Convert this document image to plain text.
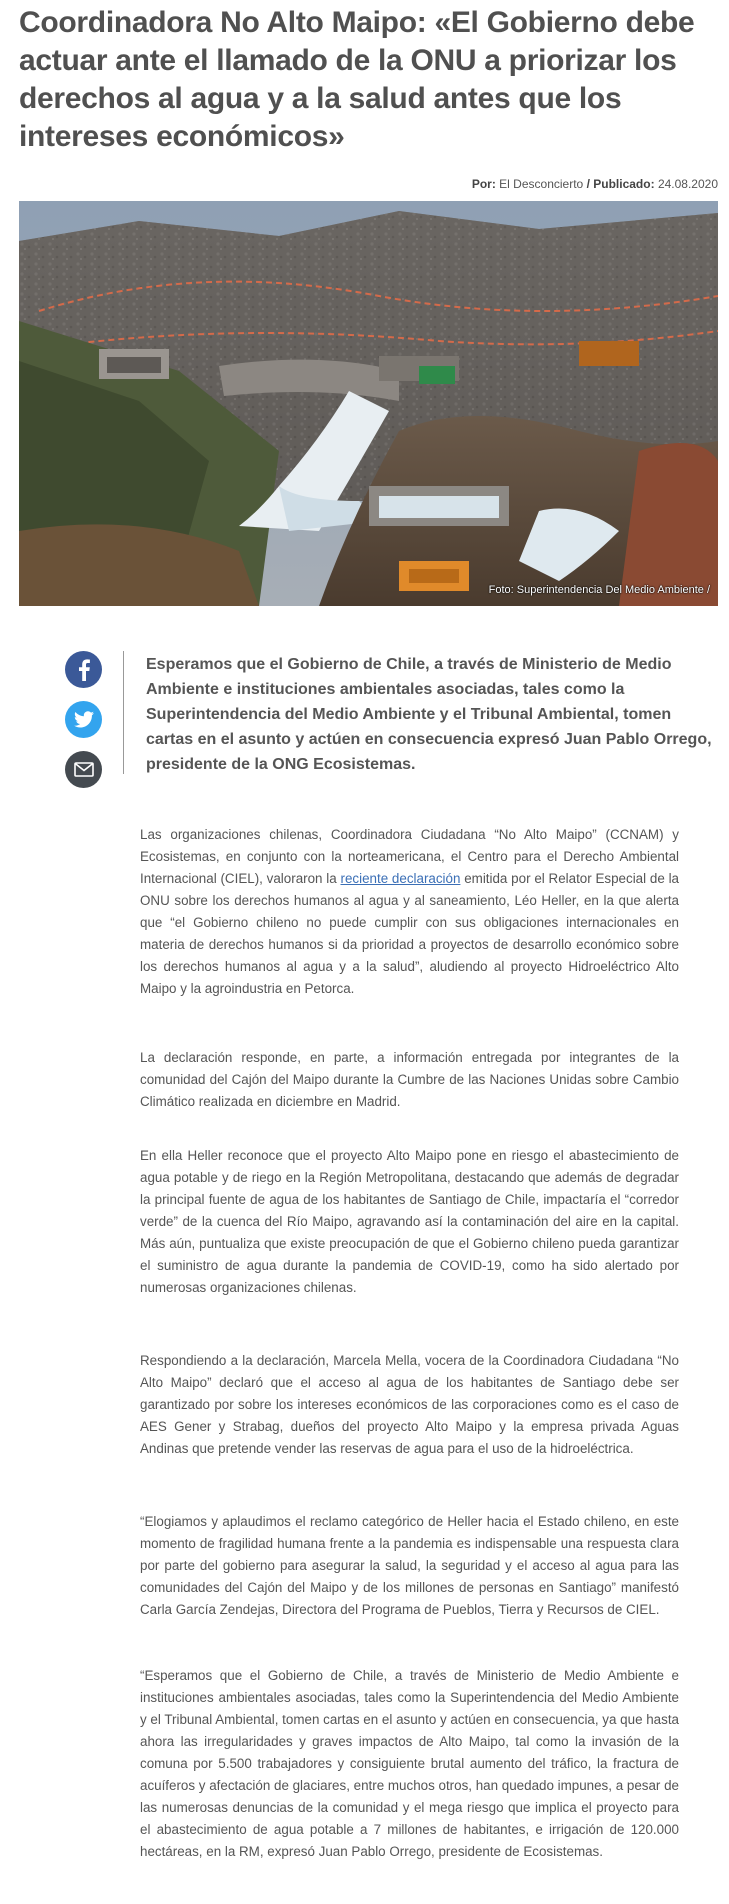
Coordinadora No Alto Maipo: «El Gobierno debe actuar ante el llamado de la ONU a priorizar los derechos al agua y a la salud antes que los intereses económicos»
Por: El Desconcierto / Publicado: 24.08.2020
Foto: Superintendencia Del Medio Ambiente /

Esperamos que el Gobierno de Chile, a través de Ministerio de Medio Ambiente e instituciones ambientales asociadas, tales como la Superintendencia del Medio Ambiente y el Tribunal Ambiental, tomen cartas en el asunto y actúen en consecuencia expresó Juan Pablo Orrego, presidente de la ONG Ecosistemas.

Las organizaciones chilenas, Coordinadora Ciudadana “No Alto Maipo” (CCNAM) y Ecosistemas, en conjunto con la norteamericana, el Centro para el Derecho Ambiental Internacional (CIEL), valoraron la reciente declaración emitida por el Relator Especial de la ONU sobre los derechos humanos al agua y al saneamiento, Léo Heller, en la que alerta que “el Gobierno chileno no puede cumplir con sus obligaciones internacionales en materia de derechos humanos si da prioridad a proyectos de desarrollo económico sobre los derechos humanos al agua y a la salud”, aludiendo al proyecto Hidroeléctrico Alto Maipo y la agroindustria en Petorca.

La declaración responde, en parte, a información entregada por integrantes de la comunidad del Cajón del Maipo durante la Cumbre de las Naciones Unidas sobre Cambio Climático realizada en diciembre en Madrid.

En ella Heller reconoce que el proyecto Alto Maipo pone en riesgo el abastecimiento de agua potable y de riego en la Región Metropolitana, destacando que además de degradar la principal fuente de agua de los habitantes de Santiago de Chile, impactaría el “corredor verde” de la cuenca del Río Maipo, agravando así la contaminación del aire en la capital. Más aún, puntualiza que existe preocupación de que el Gobierno chileno pueda garantizar el suministro de agua durante la pandemia de COVID-19, como ha sido alertado por numerosas organizaciones chilenas.

Respondiendo a la declaración, Marcela Mella, vocera de la Coordinadora Ciudadana “No Alto Maipo” declaró que el acceso al agua de los habitantes de Santiago debe ser garantizado por sobre los intereses económicos de las corporaciones como es el caso de AES Gener y Strabag, dueños del proyecto Alto Maipo y la empresa privada Aguas Andinas que pretende vender las reservas de agua para el uso de la hidroeléctrica.

“Elogiamos y aplaudimos el reclamo categórico de Heller hacia el Estado chileno, en este momento de fragilidad humana frente a la pandemia es indispensable una respuesta clara por parte del gobierno para asegurar la salud, la seguridad y el acceso al agua para las comunidades del Cajón del Maipo y de los millones de personas en Santiago” manifestó Carla García Zendejas, Directora del Programa de Pueblos, Tierra y Recursos de CIEL.

“Esperamos que el Gobierno de Chile, a través de Ministerio de Medio Ambiente e instituciones ambientales asociadas, tales como la Superintendencia del Medio Ambiente y el Tribunal Ambiental, tomen cartas en el asunto y actúen en consecuencia, ya que hasta ahora las irregularidades y graves impactos de Alto Maipo, tal como la invasión de la comuna por 5.500 trabajadores y consiguiente brutal aumento del tráfico, la fractura de acuíferos y afectación de glaciares, entre muchos otros, han quedado impunes, a pesar de las numerosas denuncias de la comunidad y el mega riesgo que implica el proyecto para el abastecimiento de agua potable a 7 millones de habitantes, e irrigación de 120.000 hectáreas, en la RM, expresó Juan Pablo Orrego, presidente de Ecosistemas.
